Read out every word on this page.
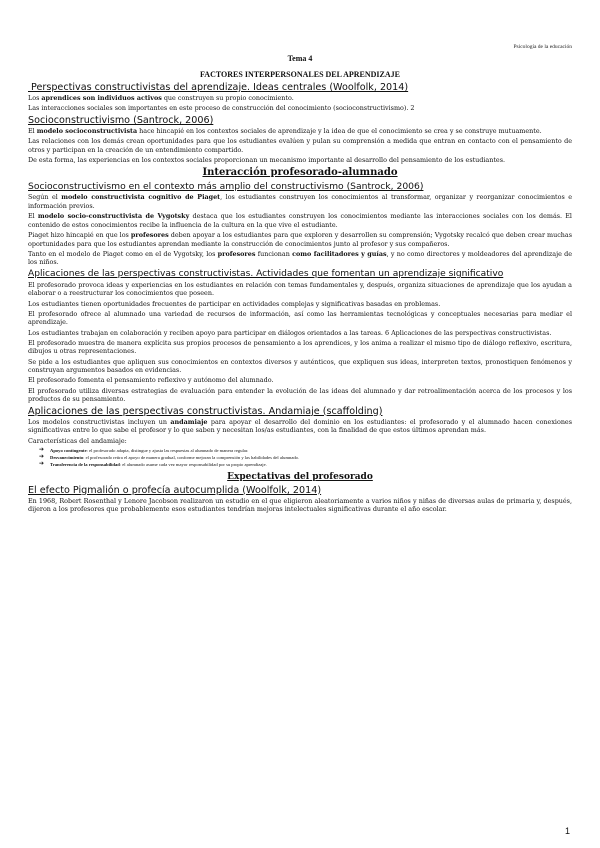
Psicología de la educación
Tema 4
FACTORES INTERPERSONALES DEL APRENDIZAJE
Perspectivas constructivistas del aprendizaje. Ideas centrales (Woolfolk, 2014)

Los aprendices son individuos activos que construyen su propio conocimiento.

Las interacciones sociales son importantes en este proceso de construcción del conocimiento (socioconstructivismo). 2

Socioconstructivismo (Santrock, 2006)

El modelo socioconstructivista hace hincapié en los contextos sociales de aprendizaje y la idea de que el conocimiento se crea y se construye mutuamente.

Las relaciones con los demás crean oportunidades para que los estudiantes evalúen y pulan su comprensión a medida que entran en contacto con el pensamiento de otros y participan en la creación de un entendimiento compartido.

De esta forma, las experiencias en los contextos sociales proporcionan un mecanismo importante al desarrollo del pensamiento de los estudiantes.

Interacción profesorado-alumnado
Socioconstructivismo en el contexto más amplio del constructivismo (Santrock, 2006)

Según el modelo constructivista cognitivo de Piaget, los estudiantes construyen los conocimientos al transformar, organizar y reorganizar conocimientos e información previos.

El modelo socio-constructivista de Vygotsky destaca que los estudiantes construyen los conocimientos mediante las interacciones sociales con los demás. El contenido de estos conocimientos recibe la influencia de la cultura en la que vive el estudiante.

Piaget hizo hincapié en que los profesores deben apoyar a los estudiantes para que exploren y desarrollen su comprensión; Vygotsky recalcó que deben crear muchas oportunidades para que los estudiantes aprendan mediante la construcción de conocimientos junto al profesor y sus compañeros.

Tanto en el modelo de Piaget como en el de Vygotsky, los profesores funcionan como facilitadores y guías, y no como directores y moldeadores del aprendizaje de los niños.

Aplicaciones de las perspectivas constructivistas. Actividades que fomentan un aprendizaje significativo

El profesorado provoca ideas y experiencias en los estudiantes en relación con temas fundamentales y, después, organiza situaciones de aprendizaje que los ayudan a elaborar o a reestructurar los conocimientos que poseen.

Los estudiantes tienen oportunidades frecuentes de participar en actividades complejas y significativas basadas en problemas.

El profesorado ofrece al alumnado una variedad de recursos de información, así como las herramientas tecnológicas y conceptuales necesarias para mediar el aprendizaje.

Los estudiantes trabajan en colaboración y reciben apoyo para participar en diálogos orientados a las tareas. 6 Aplicaciones de las perspectivas constructivistas.

El profesorado muestra de manera explícita sus propios procesos de pensamiento a los aprendices, y los anima a realizar el mismo tipo de diálogo reflexivo, escritura, dibujos u otras representaciones.

Se pide a los estudiantes que apliquen sus conocimientos en contextos diversos y auténticos, que expliquen sus ideas, interpreten textos, pronostiquen fenómenos y construyan argumentos basados en evidencias.

El profesorado fomenta el pensamiento reflexivo y autónomo del alumnado.

El profesorado utiliza diversas estrategias de evaluación para entender la evolución de las ideas del alumnado y dar retroalimentación acerca de los procesos y los productos de su pensamiento.

Aplicaciones de las perspectivas constructivistas. Andamiaje (scaffolding)

Los modelos constructivistas incluyen un andamiaje para apoyar el desarrollo del dominio en los estudiantes: el profesorado y el alumnado hacen conexiones significativas entre lo que sabe el profesor y lo que saben y necesitan los/as estudiantes, con la finalidad de que estos últimos aprendan más.

Características del andamiaje:

➔ Apoyo contingente: el profesorado adapta, distingue y ajusta las respuestas al alumnado de manera regular.
➔ Desvanecimiento: el profesorado retira el apoyo de manera gradual, conforme mejoran la comprensión y las habilidades del alumnado.
➔ Transferencia de la responsabilidad: el alumnado asume cada vez mayor responsabilidad por su propio aprendizaje.
Expectativas del profesorado
El efecto Pigmalión o profecía autocumplida (Woolfolk, 2014)

En 1968, Robert Rosenthal y Lenore Jacobson realizaron un estudio en el que eligieron aleatoriamente a varios niños y niñas de diversas aulas de primaria y, después, dijeron a los profesores que probablemente esos estudiantes tendrían mejoras intelectuales significativas durante el año escolar.

1
